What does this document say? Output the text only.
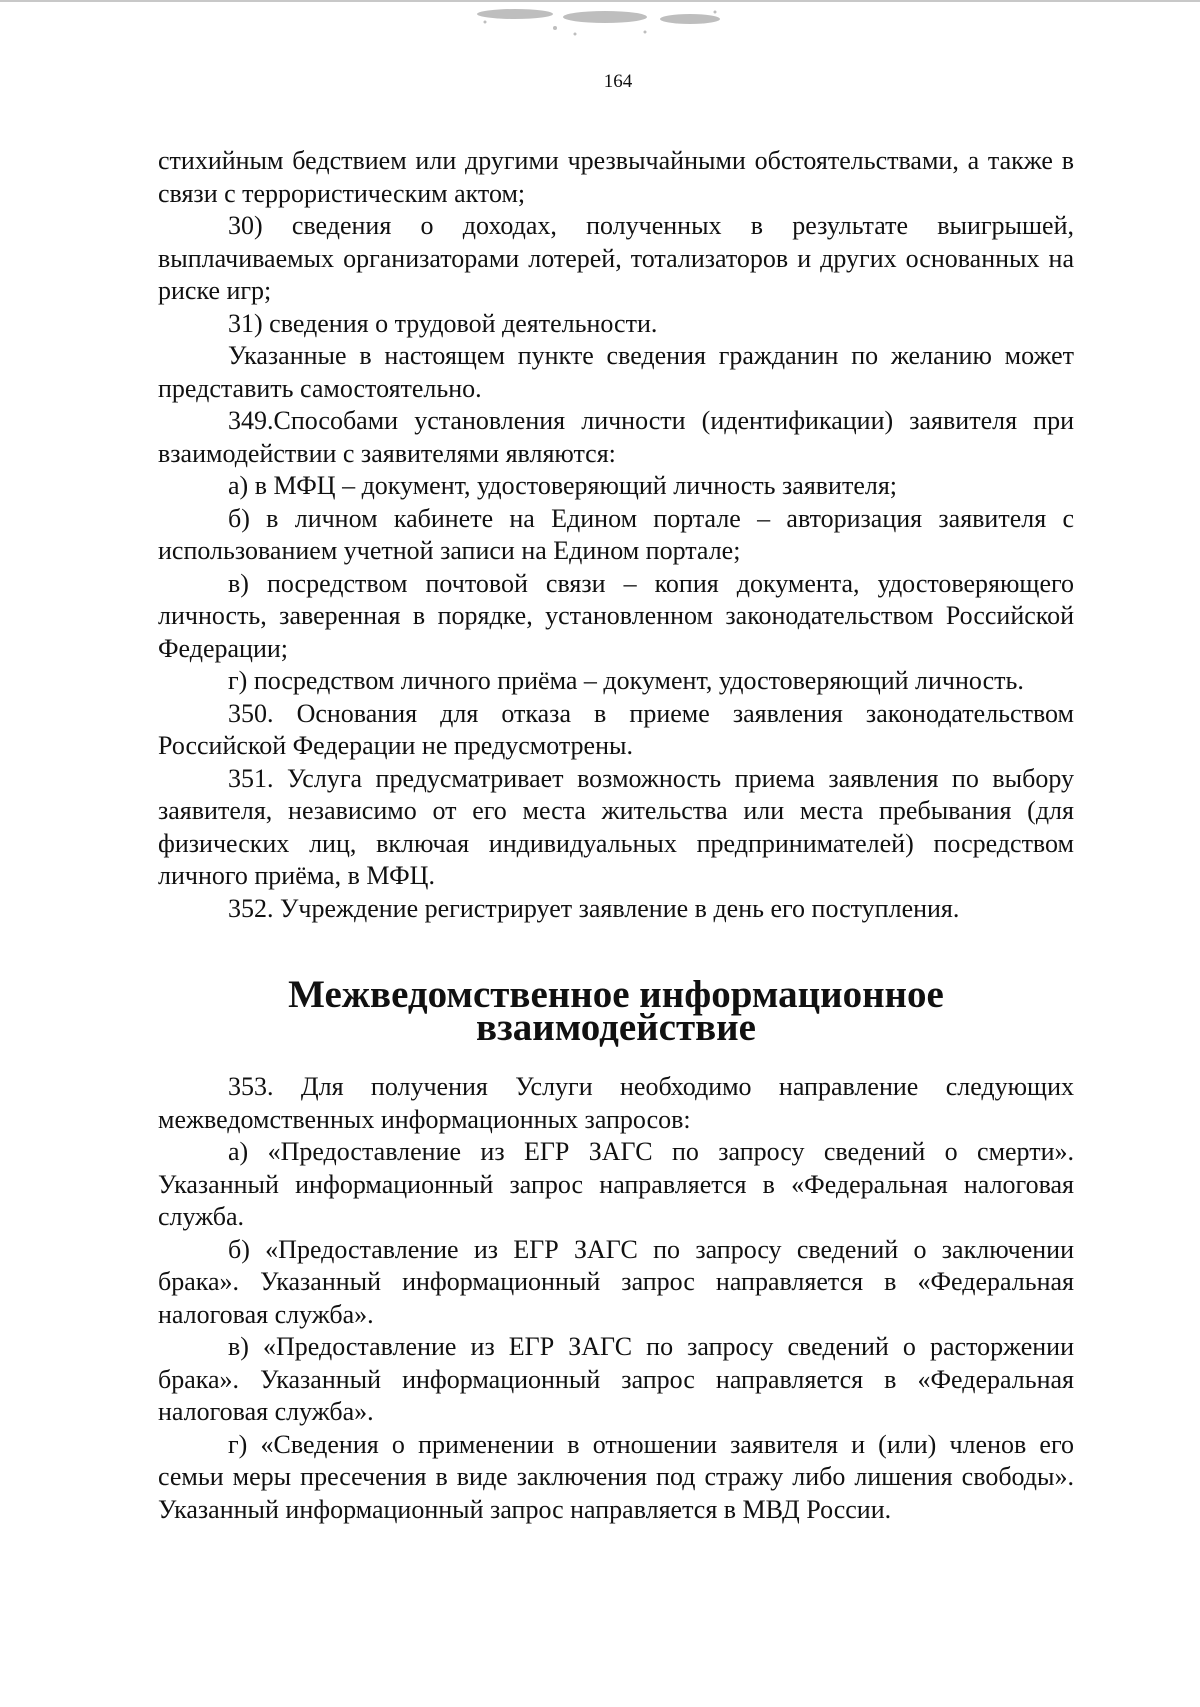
164

стихийным бедствием или другими чрезвычайными обстоятельствами, а также в связи с террористическим актом;

30) сведения о доходах, полученных в результате выигрышей, выплачиваемых организаторами лотерей, тотализаторов и других основанных на риске игр;

31) сведения о трудовой деятельности.

Указанные в настоящем пункте сведения гражданин по желанию может представить самостоятельно.

349.Способами установления личности (идентификации) заявителя при взаимодействии с заявителями являются:

а) в МФЦ – документ, удостоверяющий личность заявителя;

б) в личном кабинете на Едином портале – авторизация заявителя с использованием учетной записи на Едином портале;

в) посредством почтовой связи – копия документа, удостоверяющего личность, заверенная в порядке, установленном законодательством Российской Федерации;

г) посредством личного приёма – документ, удостоверяющий личность.

350. Основания для отказа в приеме заявления законодательством Российской Федерации не предусмотрены.

351. Услуга предусматривает возможность приема заявления по выбору заявителя, независимо от его места жительства или места пребывания (для физических лиц, включая индивидуальных предпринимателей) посредством личного приёма, в МФЦ.

352. Учреждение регистрирует заявление в день его поступления.

Межведомственное информационное взаимодействие

353. Для получения Услуги необходимо направление следующих межведомственных информационных запросов:

а) «Предоставление из ЕГР ЗАГС по запросу сведений о смерти». Указанный информационный запрос направляется в «Федеральная налоговая служба.

б) «Предоставление из ЕГР ЗАГС по запросу сведений о заключении брака». Указанный информационный запрос направляется в «Федеральная налоговая служба».

в) «Предоставление из ЕГР ЗАГС по запросу сведений о расторжении брака». Указанный информационный запрос направляется в «Федеральная налоговая служба».

г) «Сведения о применении в отношении заявителя и (или) членов его семьи меры пресечения в виде заключения под стражу либо лишения свободы». Указанный информационный запрос направляется в МВД России.
